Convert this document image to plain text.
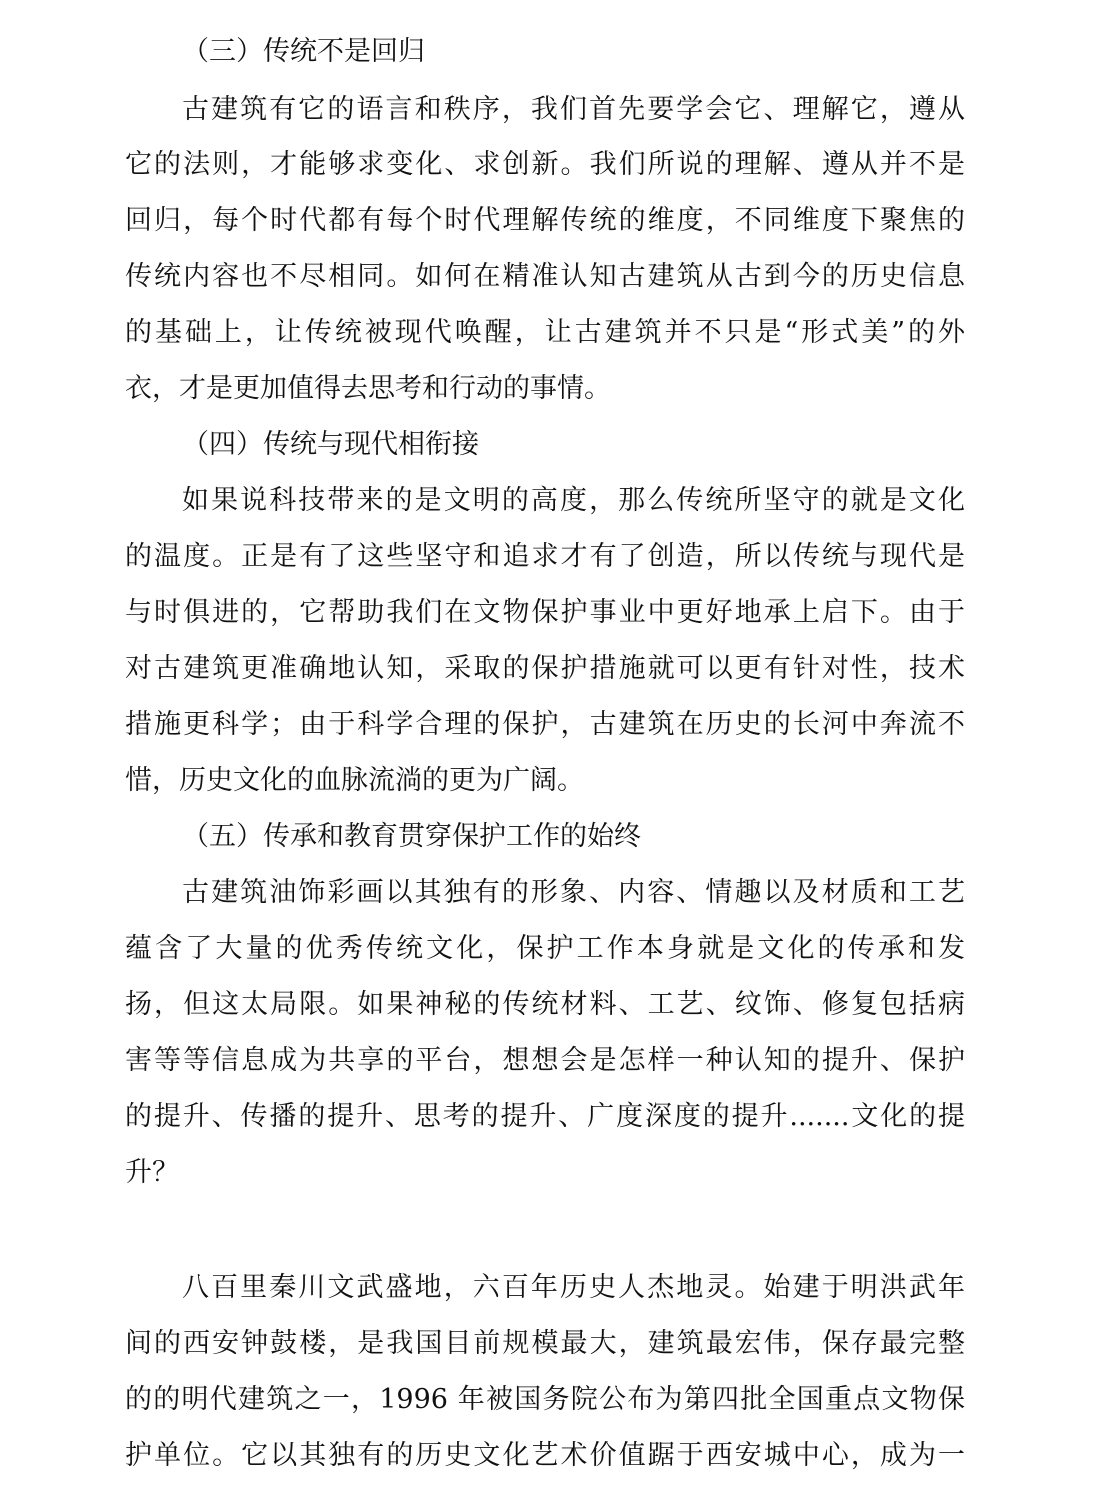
（三）传统不是回归
古建筑有它的语言和秩序，我们首先要学会它、理解它，遵从
它的法则，才能够求变化、求创新。我们所说的理解、遵从并不是
回归，每个时代都有每个时代理解传统的维度，不同维度下聚焦的
传统内容也不尽相同。如何在精准认知古建筑从古到今的历史信息
的基础上，让传统被现代唤醒，让古建筑并不只是“形式美”的外
衣，才是更加值得去思考和行动的事情。
（四）传统与现代相衔接
如果说科技带来的是文明的高度，那么传统所坚守的就是文化
的温度。正是有了这些坚守和追求才有了创造，所以传统与现代是
与时俱进的，它帮助我们在文物保护事业中更好地承上启下。由于
对古建筑更准确地认知，采取的保护措施就可以更有针对性，技术
措施更科学；由于科学合理的保护，古建筑在历史的长河中奔流不
惜，历史文化的血脉流淌的更为广阔。
（五）传承和教育贯穿保护工作的始终
古建筑油饰彩画以其独有的形象、内容、情趣以及材质和工艺
蕴含了大量的优秀传统文化，保护工作本身就是文化的传承和发
扬，但这太局限。如果神秘的传统材料、工艺、纹饰、修复包括病
害等等信息成为共享的平台，想想会是怎样一种认知的提升、保护
的提升、传播的提升、思考的提升、广度深度的提升.......文化的提
升？
八百里秦川文武盛地，六百年历史人杰地灵。始建于明洪武年
间的西安钟鼓楼，是我国目前规模最大，建筑最宏伟，保存最完整
的的明代建筑之一，1996 年被国务院公布为第四批全国重点文物保
护单位。它以其独有的历史文化艺术价值踞于西安城中心，成为一
